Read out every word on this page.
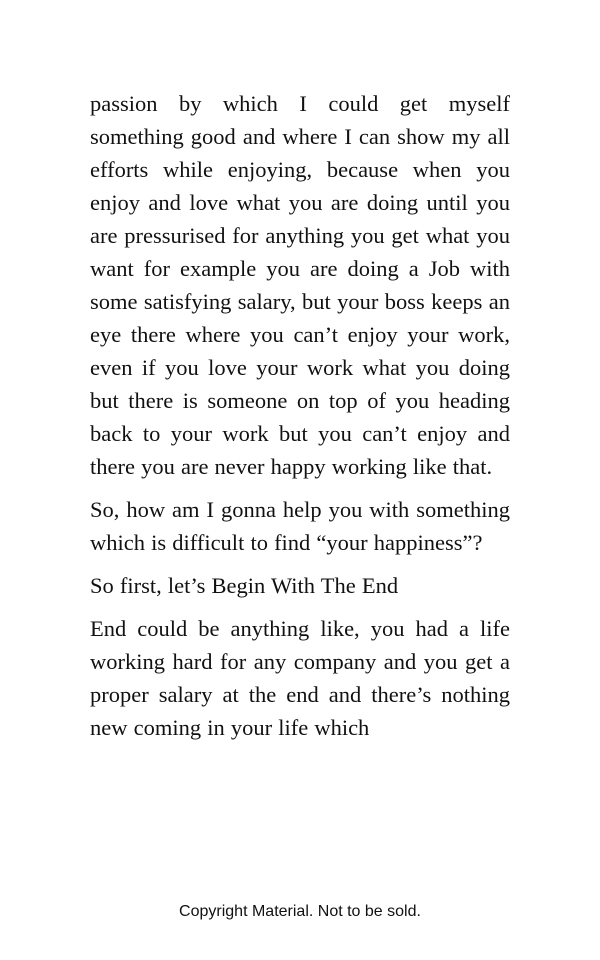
passion by which I could get myself something good and where I can show my all efforts while enjoying, because when you enjoy and love what you are doing until you are pressurised for anything you get what you want for example you are doing a Job with some satisfying salary, but your boss keeps an eye there where you can’t enjoy your work, even if you love your work what you doing but there is someone on top of you heading back to your work but you can’t enjoy and there you are never happy working like that.

So, how am I gonna help you with something which is difficult to find “your happiness”?

So first, let’s Begin With The End

End could be anything like, you had a life working hard for any company and you get a proper salary at the end and there’s nothing new coming in your life which

Copyright Material. Not to be sold.
